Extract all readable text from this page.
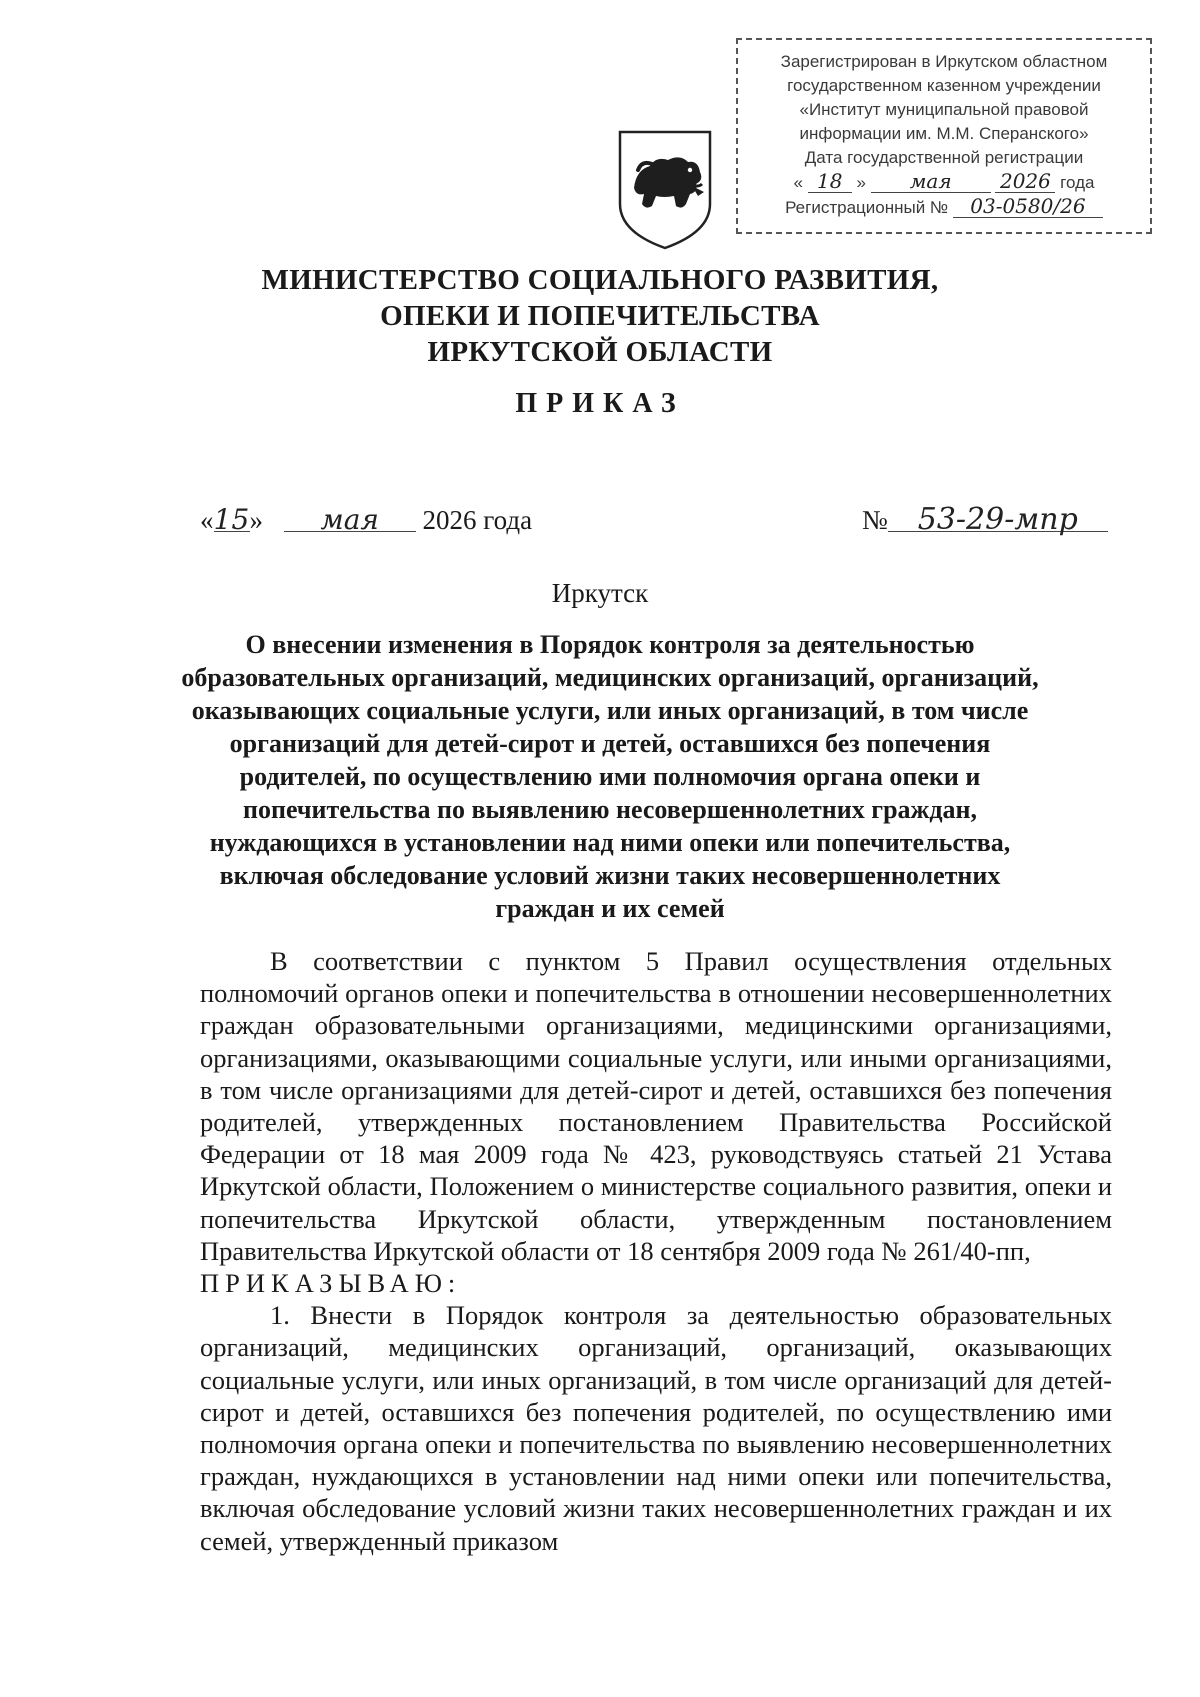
Зарегистрирован в Иркутском областном
государственном казенном учреждении
«Институт муниципальной правовой
информации им. М.М. Сперанского»
Дата государственной регистрации
« 18 » мая 2026 года
Регистрационный № 03-0580/26
МИНИСТЕРСТВО СОЦИАЛЬНОГО РАЗВИТИЯ,
ОПЕКИ И ПОПЕЧИТЕЛЬСТВА
ИРКУТСКОЙ ОБЛАСТИ
ПРИКАЗ
«15» мая 2026 года	№ 53-29-мпр
Иркутск
О внесении изменения в Порядок контроля за деятельностью образовательных организаций, медицинских организаций, организаций, оказывающих социальные услуги, или иных организаций, в том числе организаций для детей-сирот и детей, оставшихся без попечения родителей, по осуществлению ими полномочия органа опеки и попечительства по выявлению несовершеннолетних граждан, нуждающихся в установлении над ними опеки или попечительства, включая обследование условий жизни таких несовершеннолетних граждан и их семей

В соответствии с пунктом 5 Правил осуществления отдельных полномочий органов опеки и попечительства в отношении несовершеннолетних граждан образовательными организациями, медицинскими организациями, организациями, оказывающими социальные услуги, или иными организациями, в том числе организациями для детей-сирот и детей, оставшихся без попечения родителей, утвержденных постановлением Правительства Российской Федерации от 18 мая 2009 года № 423, руководствуясь статьей 21 Устава Иркутской области, Положением о министерстве социального развития, опеки и попечительства Иркутской области, утвержденным постановлением Правительства Иркутской области от 18 сентября 2009 года № 261/40-пп,

ПРИКАЗЫВАЮ:

1. Внести в Порядок контроля за деятельностью образовательных организаций, медицинских организаций, организаций, оказывающих социальные услуги, или иных организаций, в том числе организаций для детей-сирот и детей, оставшихся без попечения родителей, по осуществлению ими полномочия органа опеки и попечительства по выявлению несовершеннолетних граждан, нуждающихся в установлении над ними опеки или попечительства, включая обследование условий жизни таких несовершеннолетних граждан и их семей, утвержденный приказом
